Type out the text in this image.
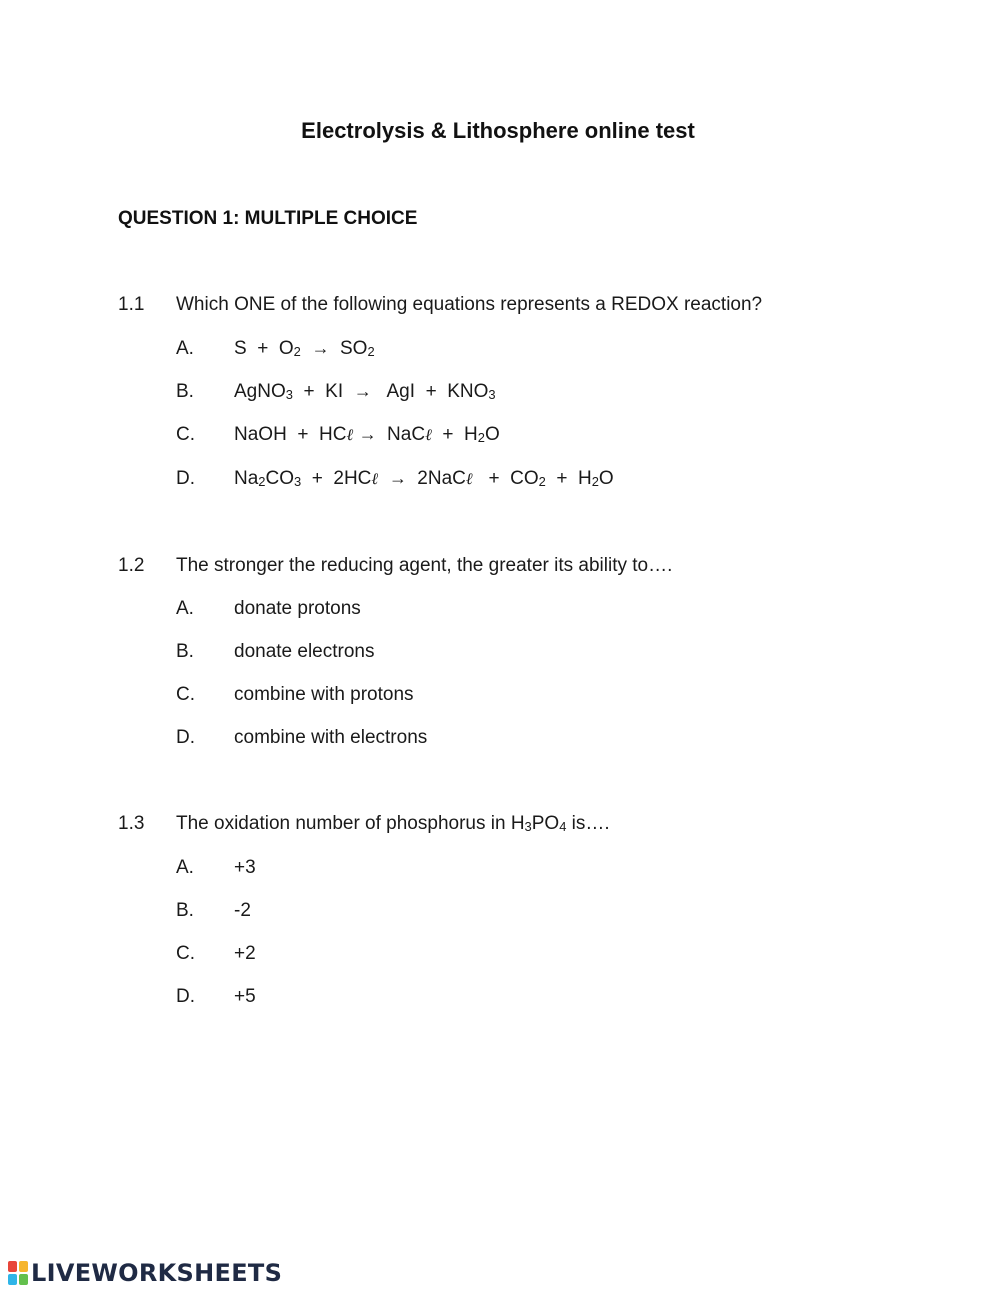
Electrolysis & Lithosphere online test
QUESTION 1: MULTIPLE CHOICE
1.1 Which ONE of the following equations represents a REDOX reaction?
A. $S + O_2 \to SO_2$
B. AgNO$_3$  +  KI  →   AgI  +  $KNO_3$
C. NaOH  +  HCℓ →  NaCℓ  +  $H_2O$
D. $Na_2CO_3$  +  2HCℓ →  2NaCℓ   +  $CO_2 + H_2O$
1.2 The stronger the reducing agent, the greater its ability to….
A. donate protons
B. donate electrons
C. combine with protons
D. combine with electrons
1.3 The oxidation number of phosphorus in $H_3PO_4$ is….
A. +3
B. -2
C. +2
D. +5
LIVEWORKSHEETS
